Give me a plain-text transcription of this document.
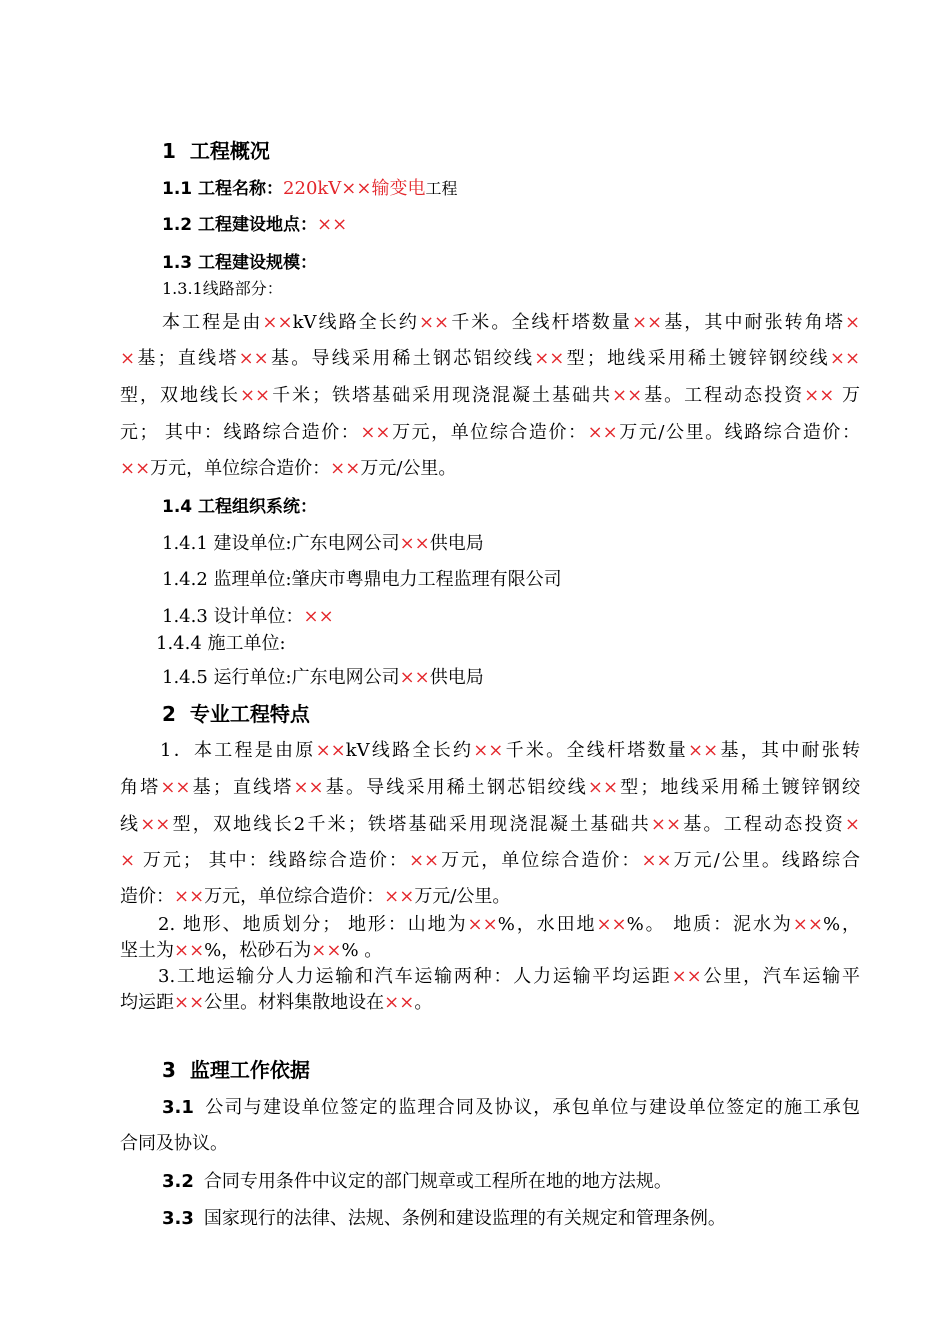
1 工程概况
1.1 工程名称：220kV××输变电工程
1.2 工程建设地点：××
1.3 工程建设规模：
1.3.1线路部分：
本工程是由××kV线路全长约××千米。全线杆塔数量××基，其中耐张转角塔×
×基；直线塔××基。导线采用稀土钢芯铝绞线××型；地线采用稀土镀锌钢绞线××
型，双地线长××千米；铁塔基础采用现浇混凝土基础共××基。工程动态投资×× 万
元； 其中：线路综合造价：××万元，单位综合造价：××万元/公里。线路综合造价：
××万元，单位综合造价：××万元/公里。
1.4 工程组织系统：
1.4.1 建设单位:广东电网公司××供电局
1.4.2 监理单位:肇庆市粤鼎电力工程监理有限公司
1.4.3 设计单位：××
1.4.4 施工单位:
1.4.5 运行单位:广东电网公司××供电局
2 专业工程特点
1．本工程是由原××kV线路全长约××千米。全线杆塔数量××基，其中耐张转
角塔××基；直线塔××基。导线采用稀土钢芯铝绞线××型；地线采用稀土镀锌钢绞
线××型，双地线长2千米；铁塔基础采用现浇混凝土基础共××基。工程动态投资×
× 万元； 其中：线路综合造价：××万元，单位综合造价：××万元/公里。线路综合
造价：××万元，单位综合造价：××万元/公里。
2. 地形、地质划分； 地形：山地为××%，水田地××%。 地质：泥水为××%，
坚土为××%，松砂石为××% 。
3.工地运输分人力运输和汽车运输两种：人力运输平均运距××公里，汽车运输平
均运距××公里。材料集散地设在××。
3 监理工作依据
3.1 公司与建设单位签定的监理合同及协议，承包单位与建设单位签定的施工承包
合同及协议。
3.2 合同专用条件中议定的部门规章或工程所在地的地方法规。
3.3 国家现行的法律、法规、条例和建设监理的有关规定和管理条例。
